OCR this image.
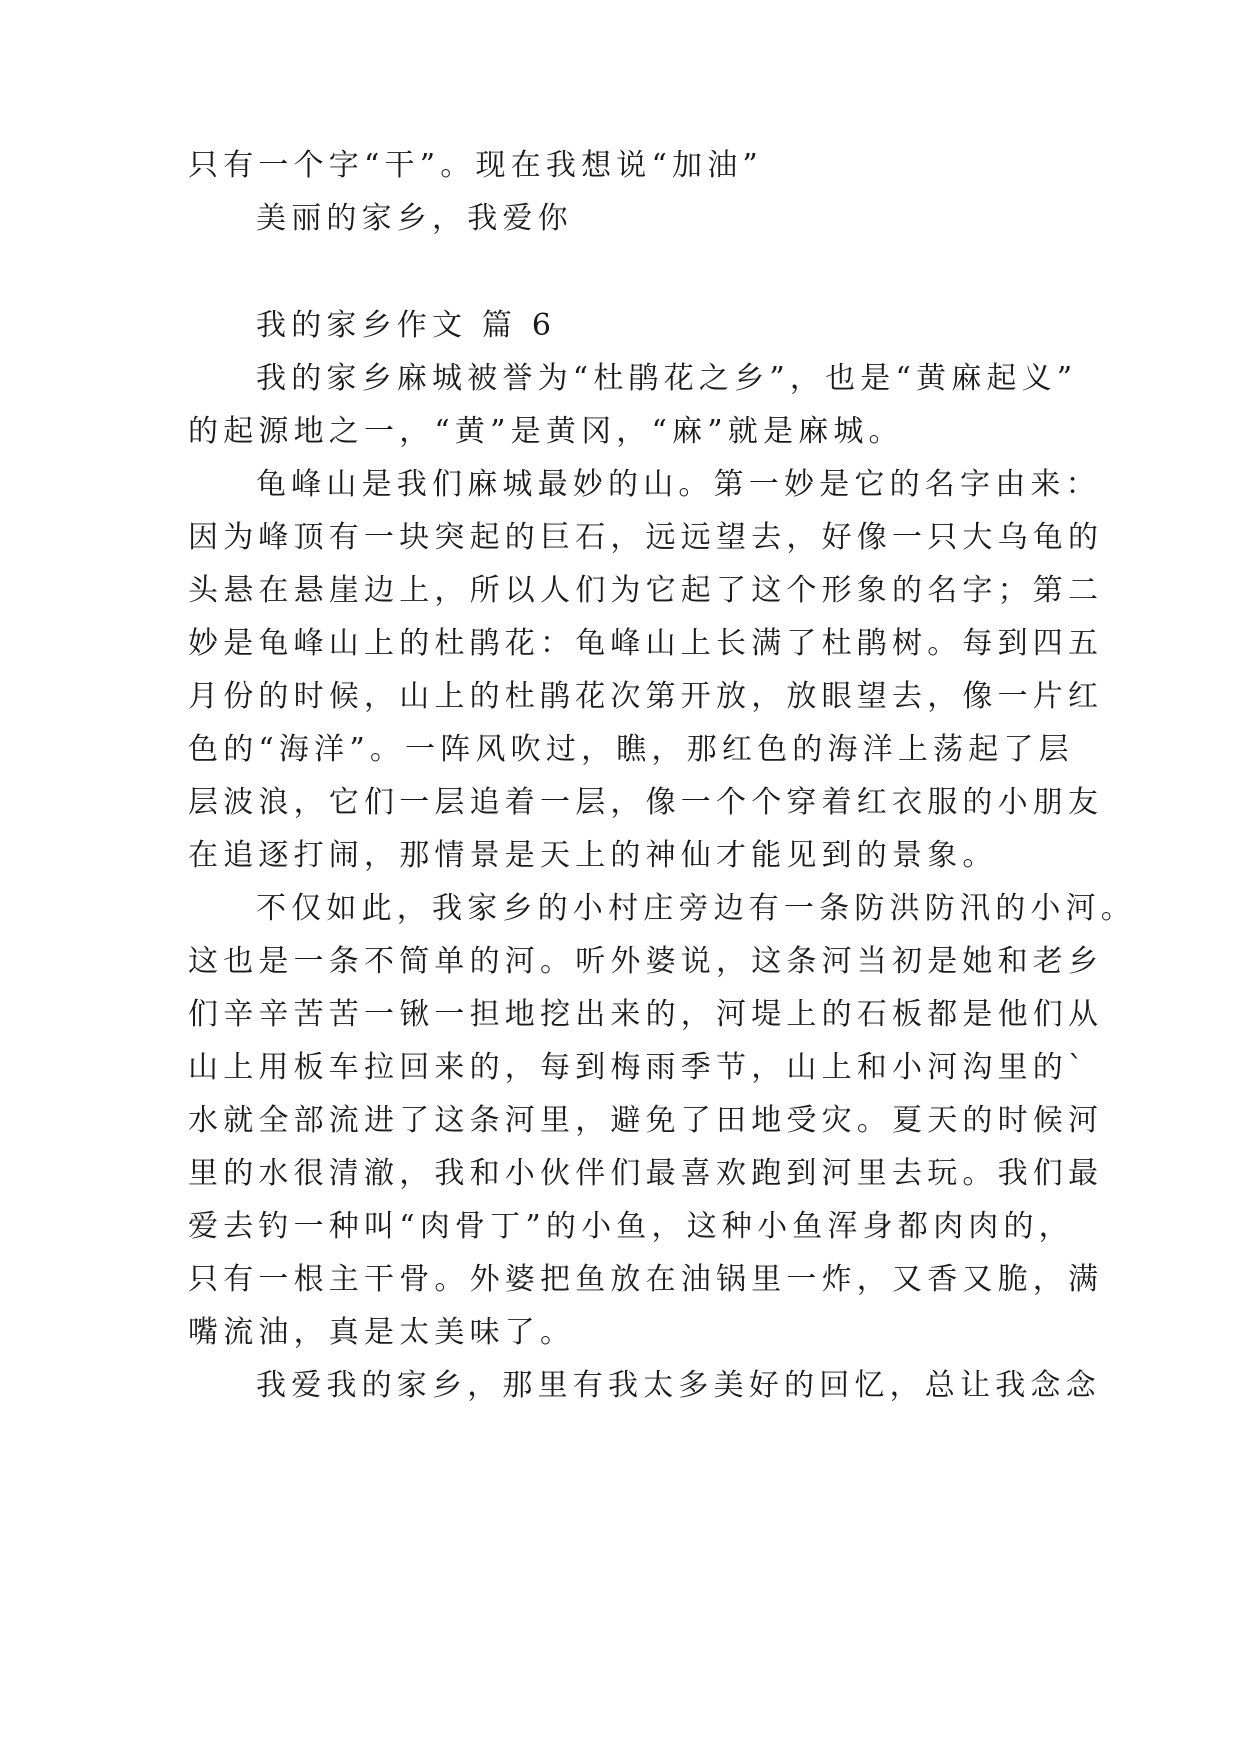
只有一个字“干”。现在我想说“加油”
美丽的家乡，我爱你
我的家乡作文 篇 6
我的家乡麻城被誉为“杜鹃花之乡”，也是“黄麻起义”
的起源地之一，“黄”是黄冈，“麻”就是麻城。
龟峰山是我们麻城最妙的山。第一妙是它的名字由来：
因为峰顶有一块突起的巨石，远远望去，好像一只大乌龟的
头悬在悬崖边上，所以人们为它起了这个形象的名字；第二
妙是龟峰山上的杜鹃花：龟峰山上长满了杜鹃树。每到四五
月份的时候，山上的杜鹃花次第开放，放眼望去，像一片红
色的“海洋”。一阵风吹过，瞧，那红色的海洋上荡起了层
层波浪，它们一层追着一层，像一个个穿着红衣服的小朋友
在追逐打闹，那情景是天上的神仙才能见到的景象。
不仅如此，我家乡的小村庄旁边有一条防洪防汛的小河。
这也是一条不简单的河。听外婆说，这条河当初是她和老乡
们辛辛苦苦一锹一担地挖出来的，河堤上的石板都是他们从
山上用板车拉回来的，每到梅雨季节，山上和小河沟里的`
水就全部流进了这条河里，避免了田地受灾。夏天的时候河
里的水很清澈，我和小伙伴们最喜欢跑到河里去玩。我们最
爱去钓一种叫“肉骨丁”的小鱼，这种小鱼浑身都肉肉的，
只有一根主干骨。外婆把鱼放在油锅里一炸，又香又脆，满
嘴流油，真是太美味了。
我爱我的家乡，那里有我太多美好的回忆，总让我念念
